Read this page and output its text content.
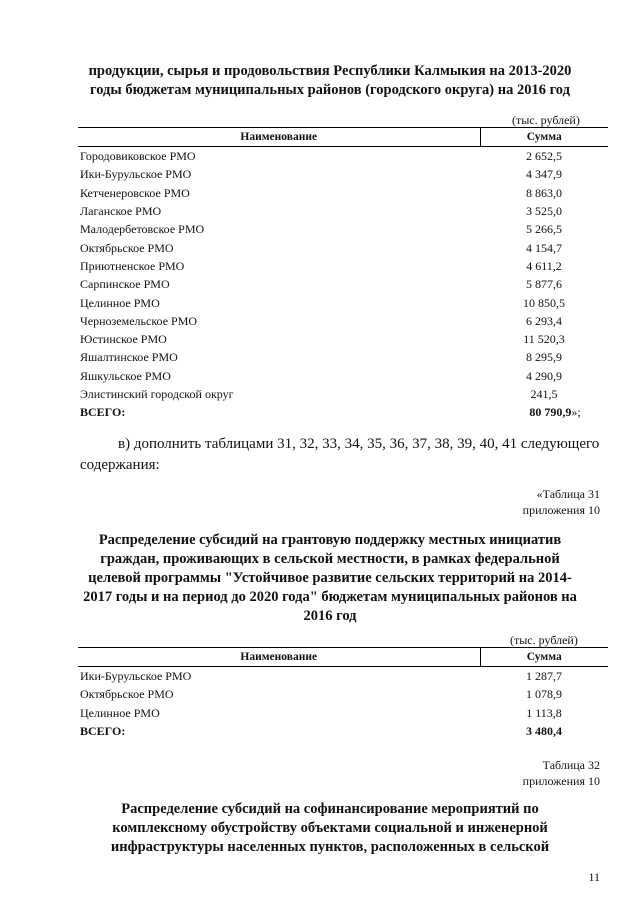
продукции, сырья и продовольствия Республики Калмыкия на 2013-2020
годы бюджетам муниципальных районов (городского округа) на 2016 год
(тыс. рублей)
Наименование	Сумма
Городовиковское РМО	2 652,5
Ики-Бурульское РМО	4 347,9
Кетченеровское РМО	8 863,0
Лаганское РМО	3 525,0
Малодербетовское РМО	5 266,5
Октябрьское РМО	4 154,7
Приютненское РМО	4 611,2
Сарпинское РМО	5 877,6
Целинное РМО	10 850,5
Черноземельское РМО	6 293,4
Юстинское РМО	11 520,3
Яшалтинское РМО	8 295,9
Яшкульское РМО	4 290,9
Элистинский городской округ	241,5
ВСЕГО:	80 790,9»;
в) дополнить таблицами 31, 32, 33, 34, 35, 36, 37, 38, 39, 40, 41 следующего
содержания:
«Таблица 31
приложения 10
Распределение субсидий на грантовую поддержку местных инициатив
граждан, проживающих в сельской местности, в рамках федеральной
целевой программы "Устойчивое развитие сельских территорий на 2014-
2017 годы и на период до 2020 года" бюджетам муниципальных районов на
2016 год
(тыс. рублей)
Наименование	Сумма
Ики-Бурульское РМО	1 287,7
Октябрьское РМО	1 078,9
Целинное РМО	1 113,8
ВСЕГО:	3 480,4
Таблица 32
приложения 10
Распределение субсидий на софинансирование мероприятий по
комплексному обустройству объектами социальной и инженерной
инфраструктуры населенных пунктов, расположенных в сельской
11
